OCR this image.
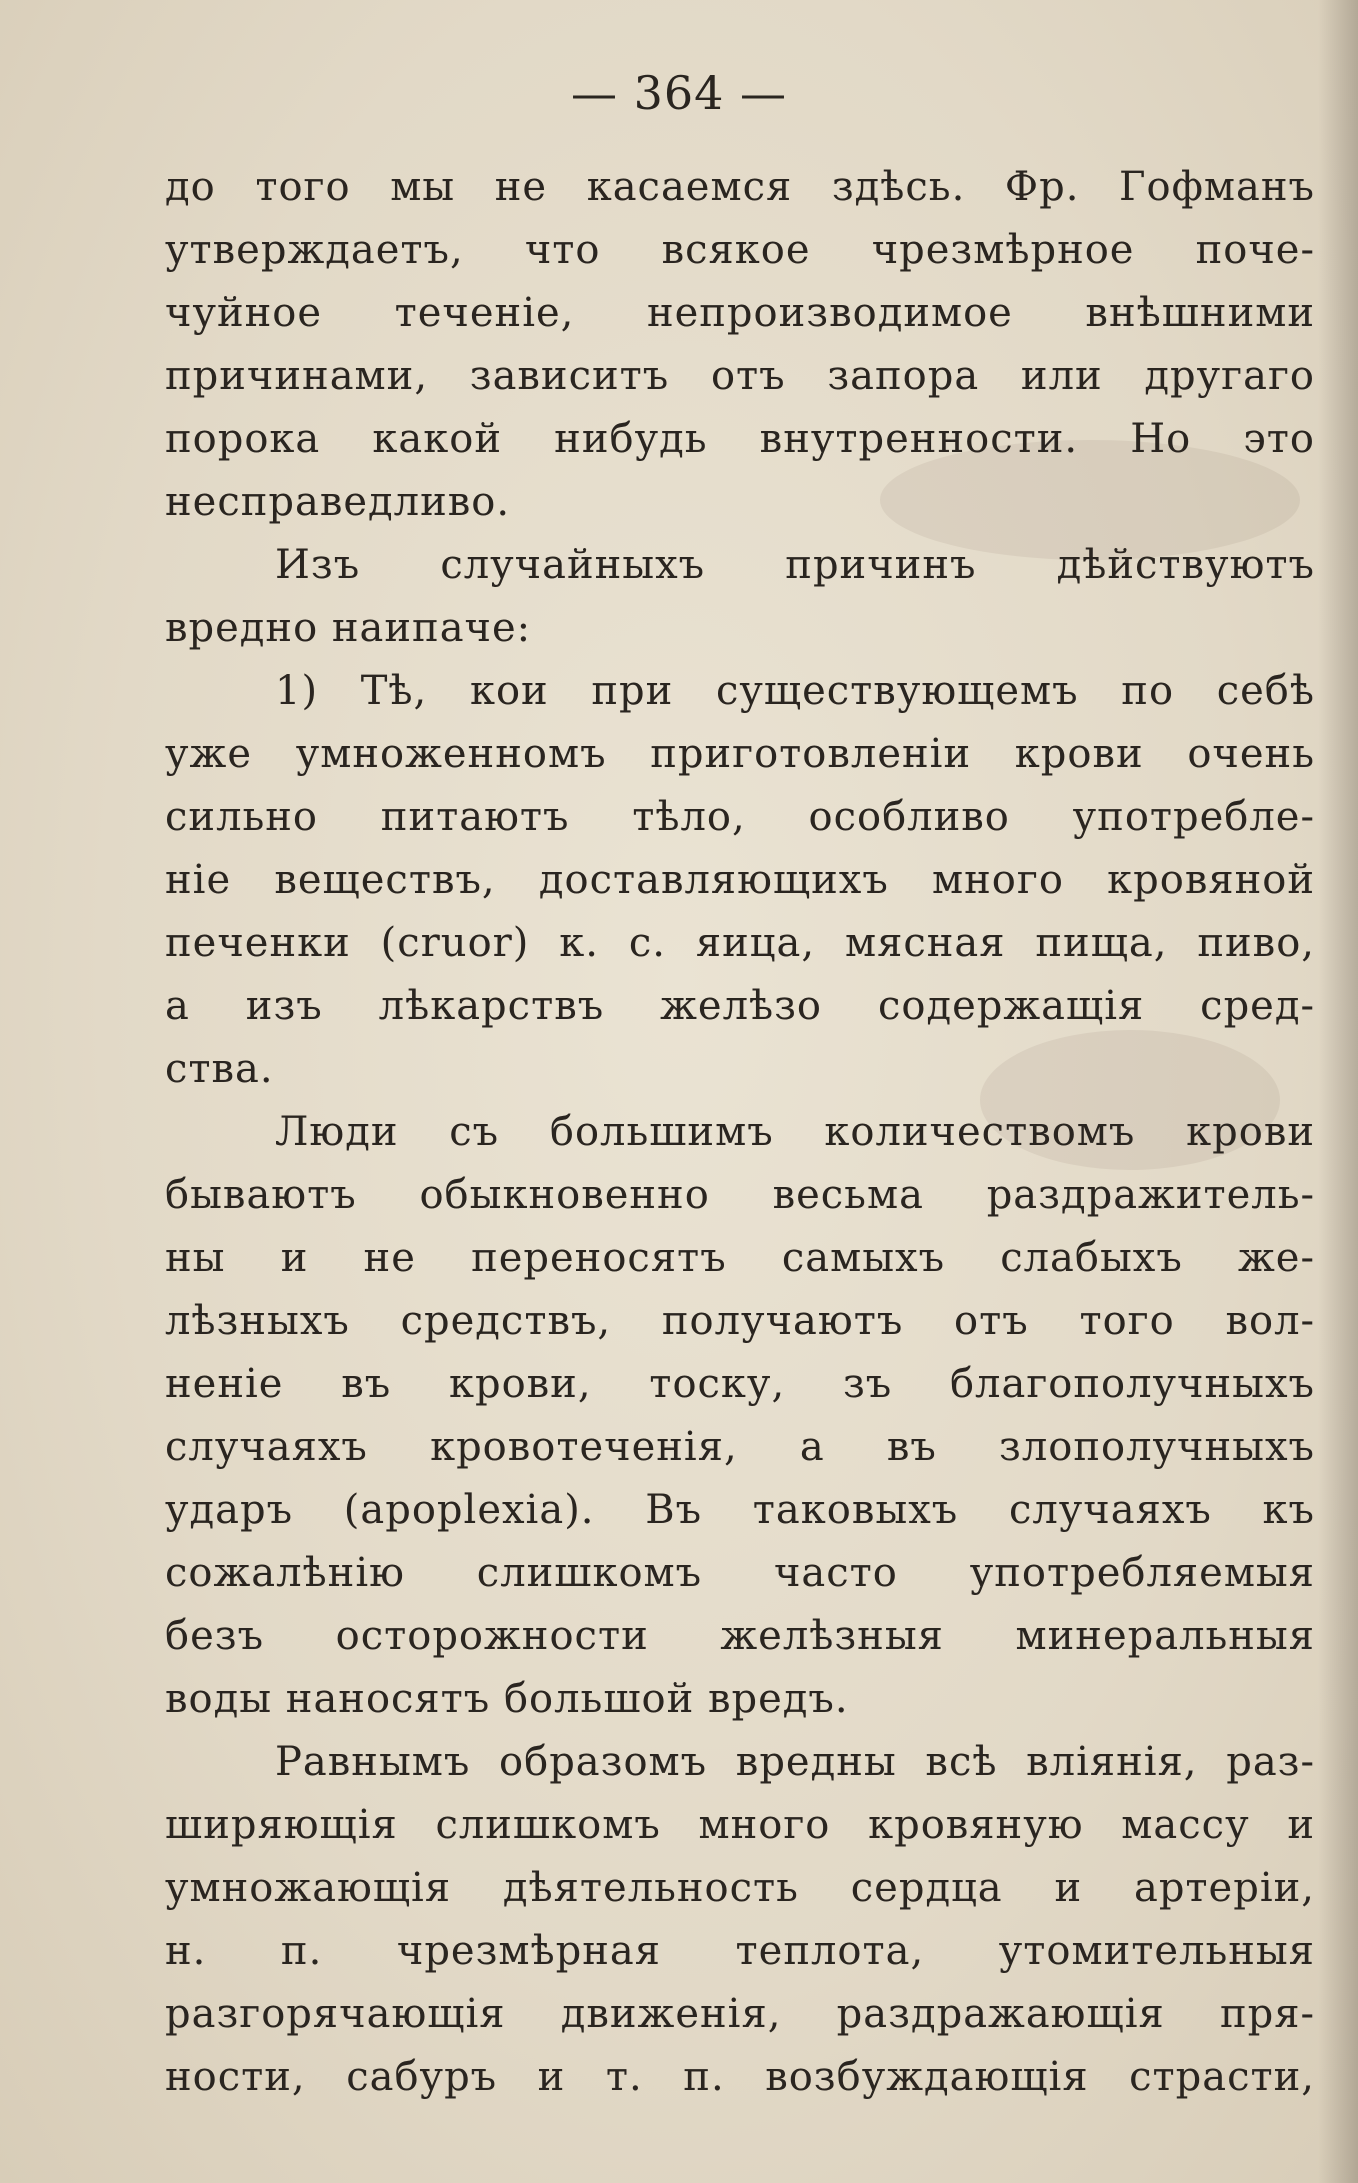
— 364 —
до того мы не касаемся здѣсь. Фр. Гофманъ
утверждаетъ, что всякое чрезмѣрное поче-
чуйное теченіе, непроизводимое внѣшними
причинами, зависитъ отъ запора или другаго
порока какой нибудь внутренности. Но это
несправедливо.
Изъ случайныхъ причинъ дѣйствуютъ
вредно наипаче:
1) Тѣ, кои при существующемъ по себѣ
уже умноженномъ приготовленіи крови очень
сильно питаютъ тѣло, особливо употребле-
ніе веществъ, доставляющихъ много кровяной
печенки (cruor) к. с. яица, мясная пища, пиво,
а изъ лѣкарствъ желѣзо содержащія сред-
ства.
Люди съ большимъ количествомъ крови
бываютъ обыкновенно весьма раздражитель-
ны и не переносятъ самыхъ слабыхъ же-
лѣзныхъ средствъ, получаютъ отъ того вол-
неніе въ крови, тоску, зъ благополучныхъ
случаяхъ кровотеченія, а въ злополучныхъ
ударъ (apoplexia). Въ таковыхъ случаяхъ къ
сожалѣнію слишкомъ часто употребляемыя
безъ осторожности желѣзныя минеральныя
воды наносятъ большой вредъ.
Равнымъ образомъ вредны всѣ вліянія, раз-
ширяющія слишкомъ много кровяную массу и
умножающія дѣятельность сердца и артеріи,
н. п. чрезмѣрная теплота, утомительныя
разгорячающія движенія, раздражающія пря-
ности, сабуръ и т. п. возбуждающія страсти,
